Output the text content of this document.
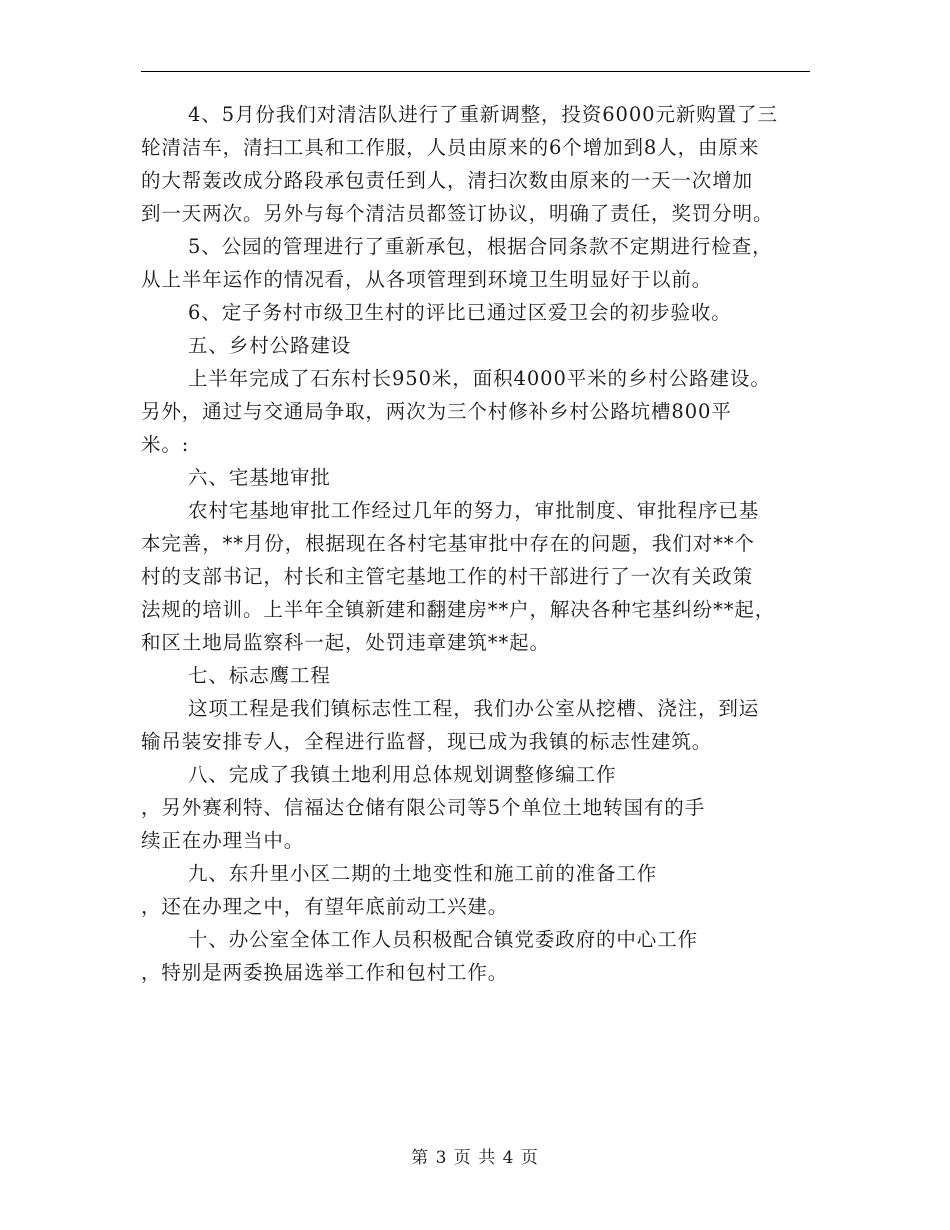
4、5月份我们对清洁队进行了重新调整，投资6000元新购置了三
轮清洁车，清扫工具和工作服，人员由原来的6个增加到8人，由原来
的大帮轰改成分路段承包责任到人，清扫次数由原来的一天一次增加
到一天两次。另外与每个清洁员都签订协议，明确了责任，奖罚分明。
5、公园的管理进行了重新承包，根据合同条款不定期进行检查，
从上半年运作的情况看，从各项管理到环境卫生明显好于以前。
6、定子务村市级卫生村的评比已通过区爱卫会的初步验收。
五、乡村公路建设
上半年完成了石东村长950米，面积4000平米的乡村公路建设。
另外，通过与交通局争取，两次为三个村修补乡村公路坑槽800平
米。:
六、宅基地审批
农村宅基地审批工作经过几年的努力，审批制度、审批程序已基
本完善，**月份，根据现在各村宅基审批中存在的问题，我们对**个
村的支部书记，村长和主管宅基地工作的村干部进行了一次有关政策
法规的培训。上半年全镇新建和翻建房**户，解决各种宅基纠纷**起，
和区土地局监察科一起，处罚违章建筑**起。
七、标志鹰工程
这项工程是我们镇标志性工程，我们办公室从挖槽、浇注，到运
输吊装安排专人，全程进行监督，现已成为我镇的标志性建筑。
八、完成了我镇土地利用总体规划调整修编工作
，另外赛利特、信福达仓储有限公司等5个单位土地转国有的手
续正在办理当中。
九、东升里小区二期的土地变性和施工前的准备工作
，还在办理之中，有望年底前动工兴建。
十、办公室全体工作人员积极配合镇党委政府的中心工作
，特别是两委换届选举工作和包村工作。
第 3 页 共 4 页
